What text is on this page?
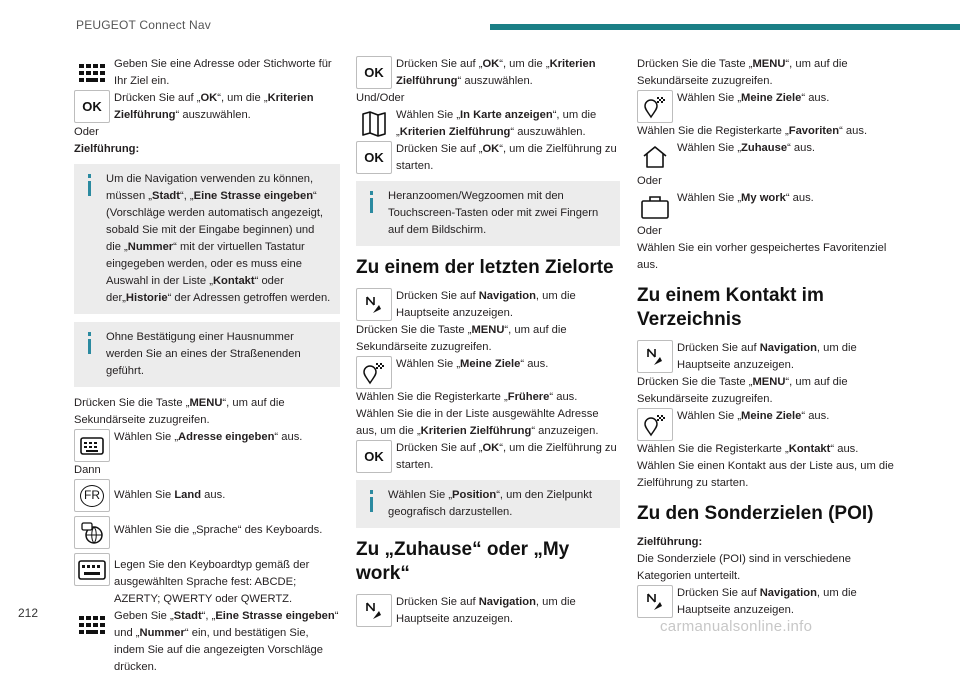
PEUGEOT Connect Nav

Geben Sie eine Adresse oder Stichworte für Ihr Ziel ein.

OK

Drücken Sie auf „OK“, um die „Kriterien Zielführung“ auszuwählen.

Oder

Zielführung:

Um die Navigation verwenden zu können, müssen „Stadt“, „Eine Strasse eingeben“ (Vorschläge werden automatisch angezeigt, sobald Sie mit der Eingabe beginnen) und die „Nummer“ mit der virtuellen Tastatur eingegeben werden, oder es muss eine Auswahl in der Liste „Kontakt“ oder der„Historie“ der Adressen getroffen werden.

Ohne Bestätigung einer Hausnummer werden Sie an eines der Straßenenden geführt.

Drücken Sie die Taste „MENU“, um auf die Sekundärseite zuzugreifen.

Wählen Sie „Adresse eingeben“ aus.

Dann

FR	Wählen Sie Land aus.

Wählen Sie die „Sprache“ des Keyboards.

Legen Sie den Keyboardtyp gemäß der ausgewählten Sprache fest: ABCDE; AZERTY; QWERTY oder QWERTZ.

Geben Sie „Stadt“, „Eine Strasse eingeben“ und „Nummer“ ein, und bestätigen Sie, indem Sie auf die angezeigten Vorschläge drücken.

OK

Drücken Sie auf „OK“, um die „Kriterien Zielführung“ auszuwählen.

Und/Oder

Wählen Sie „In Karte anzeigen“, um die „Kriterien Zielführung“ auszuwählen.

OK

Drücken Sie auf „OK“, um die Zielführung zu starten.

Heranzoomen/Wegzoomen mit den Touchscreen-Tasten oder mit zwei Fingern auf dem Bildschirm.

Zu einem der letzten Zielorte

Drücken Sie auf Navigation, um die Hauptseite anzuzeigen.

Drücken Sie die Taste „MENU“, um auf die Sekundärseite zuzugreifen.

Wählen Sie „Meine Ziele“ aus.

Wählen Sie die Registerkarte „Frühere“ aus.

Wählen Sie die in der Liste ausgewählte Adresse aus, um die „Kriterien Zielführung“ anzuzeigen.

OK

Drücken Sie auf „OK“, um die Zielführung zu starten.

Wählen Sie „Position“, um den Zielpunkt geografisch darzustellen.

Zu „Zuhause“ oder „My work“

Drücken Sie auf Navigation, um die Hauptseite anzuzeigen.

Drücken Sie die Taste „MENU“, um auf die Sekundärseite zuzugreifen.

Wählen Sie „Meine Ziele“ aus.

Wählen Sie die Registerkarte „Favoriten“ aus.

Wählen Sie „Zuhause“ aus.

Oder

Wählen Sie „My work“ aus.

Oder

Wählen Sie ein vorher gespeichertes Favoritenziel aus.

Zu einem Kontakt im Verzeichnis

Drücken Sie auf Navigation, um die Hauptseite anzuzeigen.

Drücken Sie die Taste „MENU“, um auf die Sekundärseite zuzugreifen.

Wählen Sie „Meine Ziele“ aus.

Wählen Sie die Registerkarte „Kontakt“ aus.

Wählen Sie einen Kontakt aus der Liste aus, um die Zielführung zu starten.

Zu den Sonderzielen (POI)

Zielführung:

Die Sonderziele (POI) sind in verschiedene Kategorien unterteilt.

Drücken Sie auf Navigation, um die Hauptseite anzuzeigen.

212
carmanualsonline.info
